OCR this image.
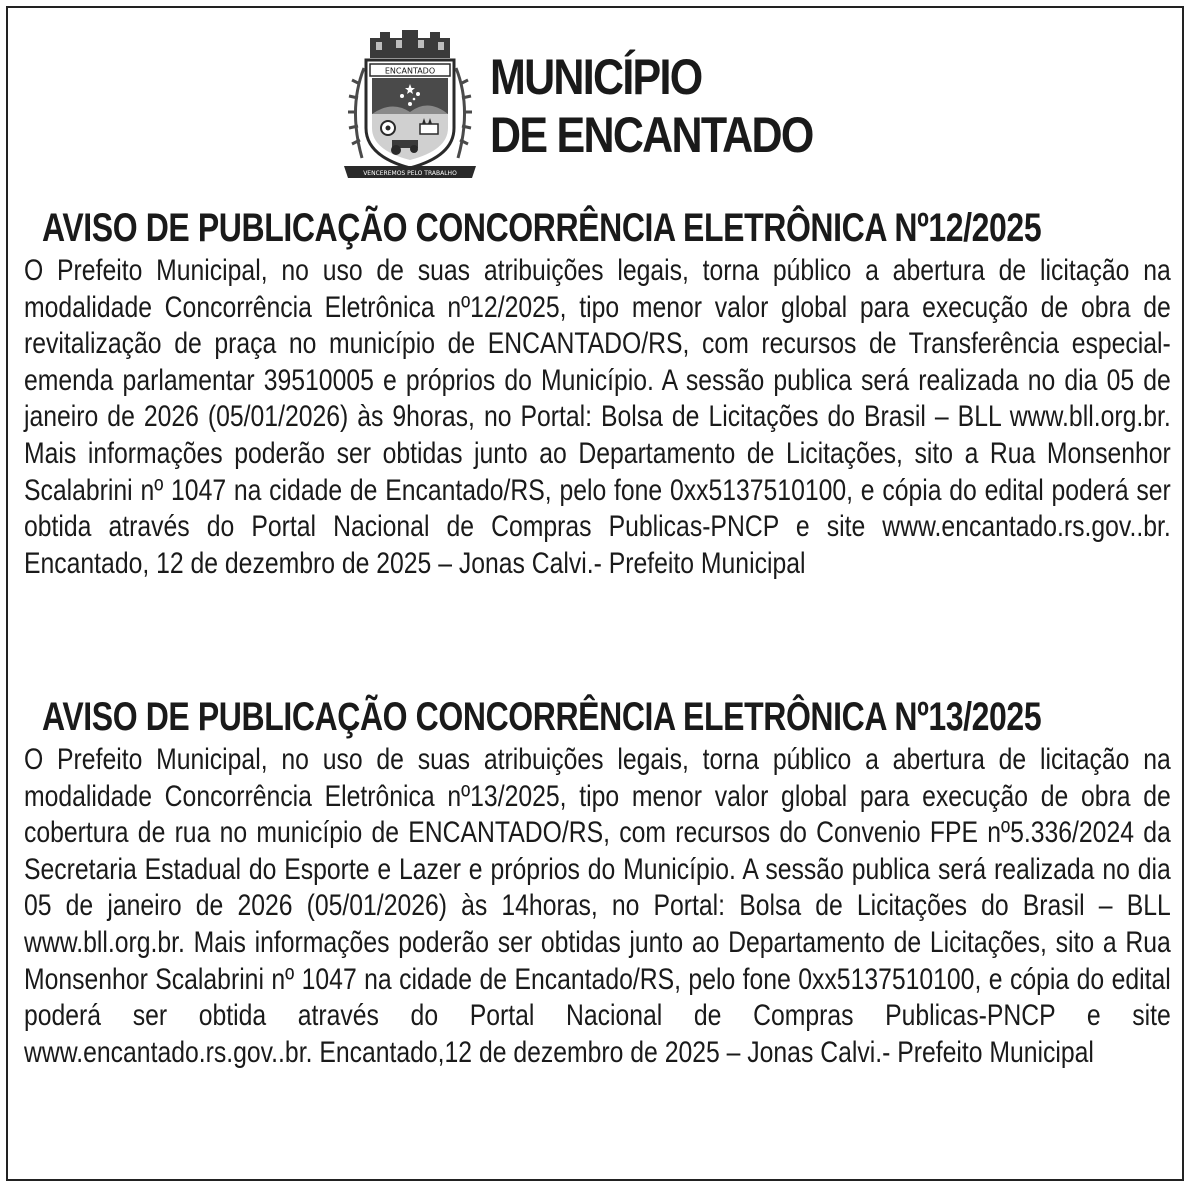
ENCANTADO
VENCEREMOS PELO TRABALHO
MUNICÍPIO
DE ENCANTADO
AVISO DE PUBLICAÇÃO CONCORRÊNCIA ELETRÔNICA Nº12/2025
O Prefeito Municipal, no uso de suas atribuições legais, torna público a abertura de licitação na modalidade Concorrência Eletrônica nº12/2025, tipo menor valor global para execução de obra de revitalização de praça no município de ENCANTADO/RS, com recursos de Transferência especial-emenda parlamentar 39510005 e próprios do Município. A sessão publica será realizada no dia 05 de janeiro de 2026 (05/01/2026) às 9horas, no Portal: Bolsa de Licitações do Brasil – BLL www.bll.org.br. Mais informações poderão ser obtidas junto ao Departamento de Licitações, sito a Rua Monsenhor Scalabrini nº 1047 na cidade de Encantado/RS, pelo fone 0xx5137510100, e cópia do edital poderá ser obtida através do Portal Nacional de Compras Publicas-PNCP e site www.encantado.rs.gov..br. Encantado, 12 de dezembro de 2025 – Jonas Calvi.- Prefeito Municipal
AVISO DE PUBLICAÇÃO CONCORRÊNCIA ELETRÔNICA Nº13/2025
O Prefeito Municipal, no uso de suas atribuições legais, torna público a abertura de licitação na modalidade Concorrência Eletrônica nº13/2025, tipo menor valor global para execução de obra de cobertura de rua no município de ENCANTADO/RS, com recursos do Convenio FPE nº5.336/2024 da Secretaria Estadual do Esporte e Lazer e próprios do Município. A sessão publica será realizada no dia 05 de janeiro de 2026 (05/01/2026) às 14horas, no Portal: Bolsa de Licitações do Brasil – BLL www.bll.org.br. Mais informações poderão ser obtidas junto ao Departamento de Licitações, sito a Rua Monsenhor Scalabrini nº 1047 na cidade de Encantado/RS, pelo fone 0xx5137510100, e cópia do edital poderá ser obtida através do Portal Nacional de Compras Publicas-PNCP e site www.encantado.rs.gov..br. Encantado,12 de dezembro de 2025 – Jonas Calvi.- Prefeito Municipal
